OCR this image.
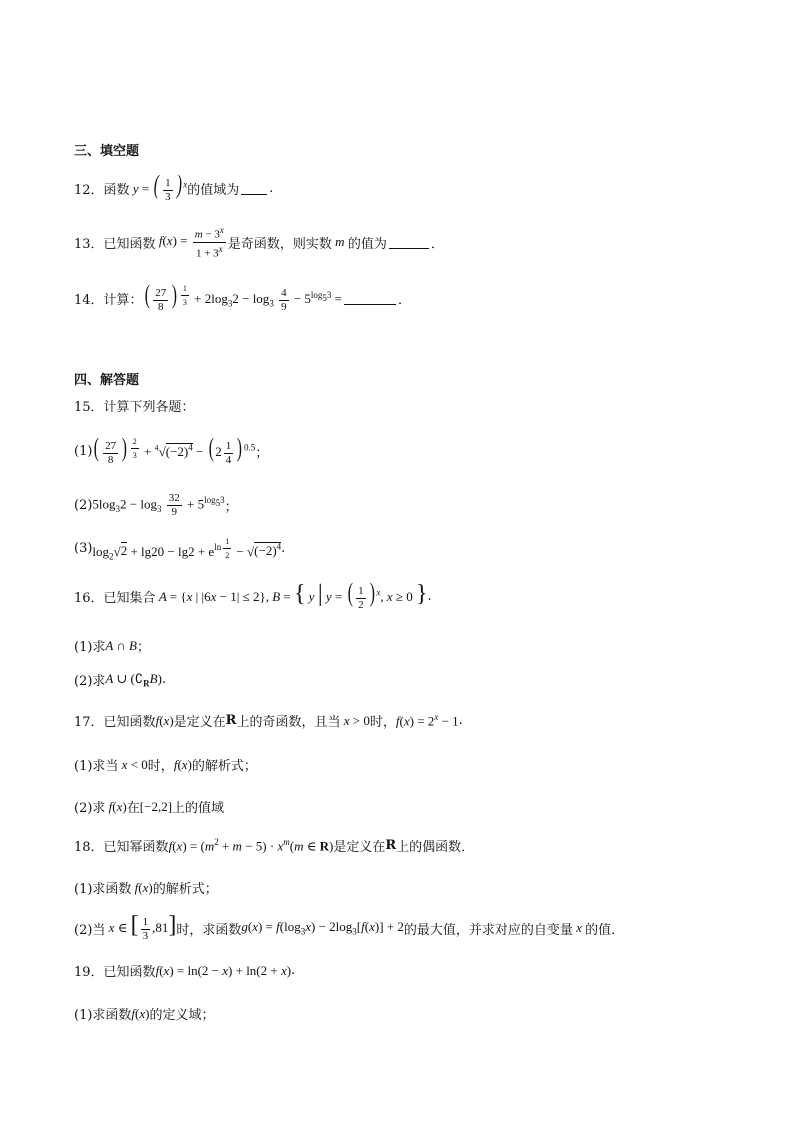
三、填空题
12． 函数 y = ( $\frac{1}{3}$ ) $^x$ 的值域为 .
13． 已知函数 $f(x) = \frac{m - 3^x}{1 + 3^x}$ 是奇函数，则实数 m 的值为	．
14． 计算： ( $\frac{27}{8}$ ) $^{\frac{1}{3}} + 2\log_32 - \log_3 \frac{4}{9} - 5^{log_53}$ =	．
四、解答题
15．计算下列各题：
(1) ( $\frac{27}{8}$ ) $^{\frac{2}{3}} + ^4√(-2)^4$ − ( $2 \frac{1}{4}$ ) $^{0.5}$ ；
(2) $5\log_32 - \log_3 \frac{32}{9} + 5^{log_53}$ ；
(3) $\log_2√2 + \lg 20 - \lg 2 + e^{ln \frac{1}{2}} - √(-2)^4$ .
16． 已知集合 A = {x | |6x − 1| ≤ 2}, B = { y | y = ( $\frac{1}{2}$ ) $^x$, x ≥ 0 } .
(1)求 A ∩ B ；
(2)求 A ∪ $(∁_RB)$ .
17． 已知函数 f(x) 是定义在 R 上的奇函数，且当 x > 0 时， $f(x) = 2^x - 1$ .
(1)求当 x < 0 时， f(x) 的解析式；
(2)求 f(x) 在 [−2,2] 上的值域
18． 已知幂函数 $f(x) = (m^2 + m - 5) \cdot x^m(m$ ∈ R) 是定义在 R 上的偶函数．
(1)求函数 f(x) 的解析式；
(2)当 x ∈ [ $\frac{1}{3} ,81$] 时，求函数 $g(x) = f(\log_3x) - 2\log_3[f(x)] + 2$ 的最大值，并求对应的自变量 x 的值．
19． 已知函数 f(x) = ln(2 − x) + ln(2 + x) .
(1)求函数 f(x) 的定义域；
